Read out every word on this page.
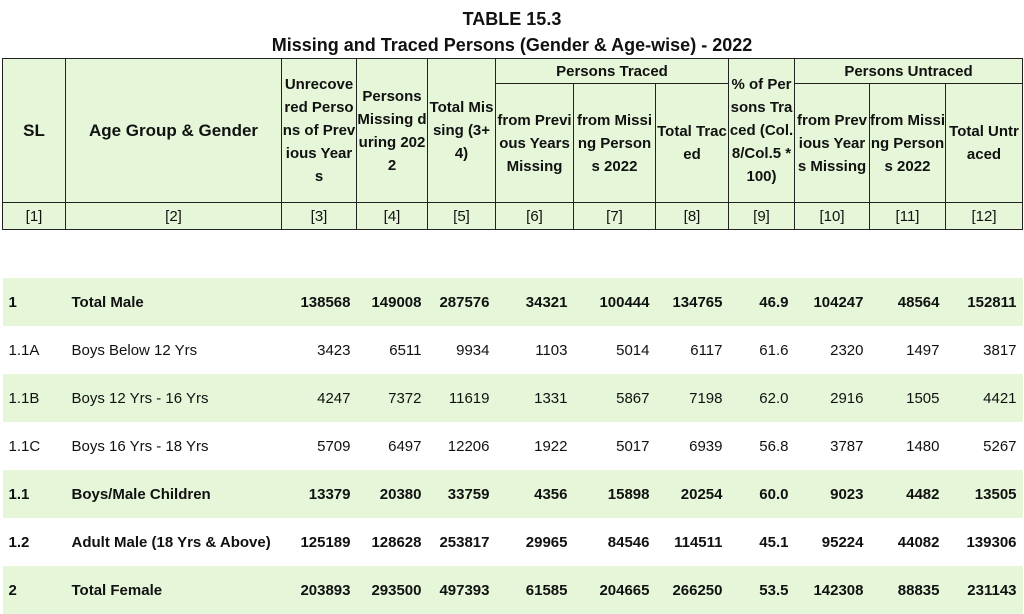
TABLE 15.3
Missing and Traced Persons (Gender & Age-wise) - 2022
SL	Age Group & Gender	Unrecovered Persons of Previous Years	Persons Missing during 2022	Total Missing (3+4)	Persons Traced			% of Persons Traced (Col.8/Col.5 * 100)	Persons Untraced		
					from Previous Years Missing	from Missing Persons 2022	Total Traced		from Previous Years Missing	from Missing Persons 2022	Total Untraced
[1]	[2]	[3]	[4]	[5]	[6]	[7]	[8]	[9]	[10]	[11]	[12]

1	Total Male	138568	149008	287576	34321	100444	134765	46.9	104247	48564	152811
1.1A	Boys Below 12 Yrs	3423	6511	9934	1103	5014	6117	61.6	2320	1497	3817
1.1B	Boys 12 Yrs - 16 Yrs	4247	7372	11619	1331	5867	7198	62.0	2916	1505	4421
1.1C	Boys 16 Yrs - 18 Yrs	5709	6497	12206	1922	5017	6939	56.8	3787	1480	5267
1.1	Boys/Male Children	13379	20380	33759	4356	15898	20254	60.0	9023	4482	13505
1.2	Adult Male (18 Yrs & Above)	125189	128628	253817	29965	84546	114511	45.1	95224	44082	139306
2	Total Female	203893	293500	497393	61585	204665	266250	53.5	142308	88835	231143
